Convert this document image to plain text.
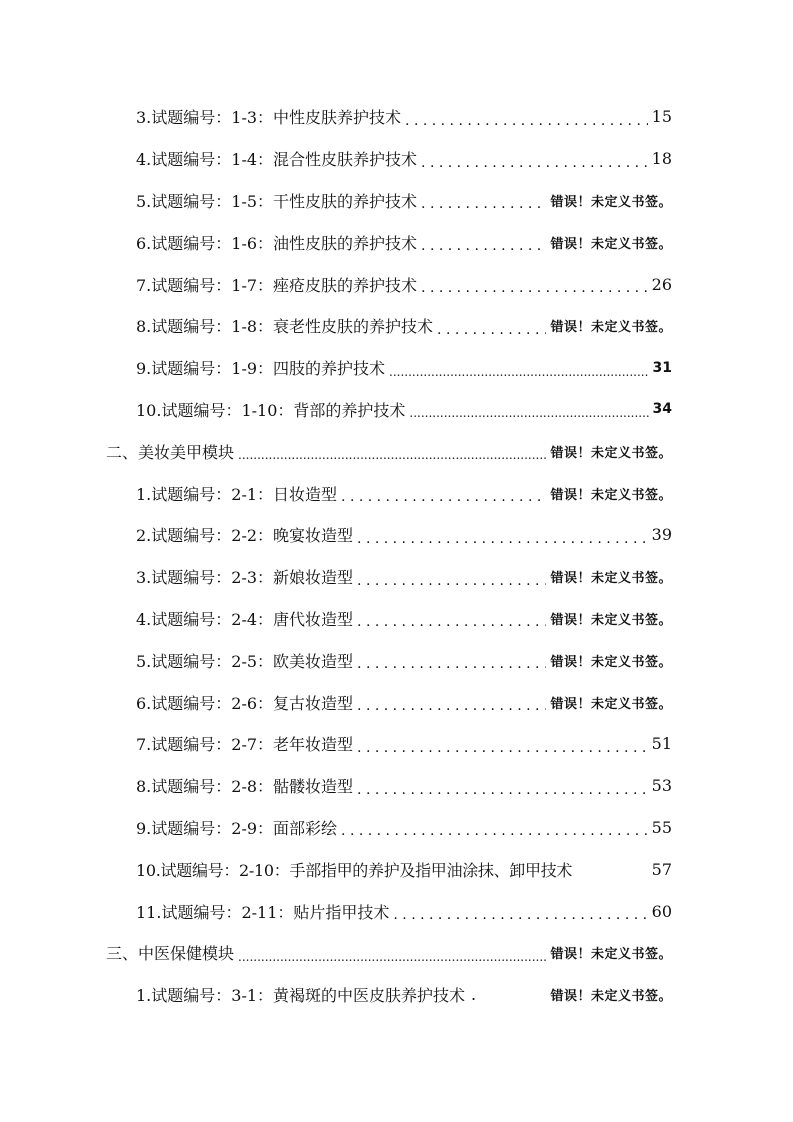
3.试题编号：1-3：中性皮肤养护技术 . . .	15
4.试题编号：1-4：混合性皮肤养护技术 . . .	18
5.试题编号：1-5：干性皮肤的养护技术 . . .	错误！未定义书签。
6.试题编号：1-6：油性皮肤的养护技术 . . .	错误！未定义书签。
7.试题编号：1-7：痤疮皮肤的养护技术 . . .	26
8.试题编号：1-8：衰老性皮肤的养护技术 . . .	错误！未定义书签。
9.试题编号：1-9：四肢的养护技术 .....	31
10.试题编号：1-10：背部的养护技术 .....	34
二、美妆美甲模块 .....	错误！未定义书签。
1.试题编号：2-1：日妆造型 . . .	错误！未定义书签。
2.试题编号：2-2：晚宴妆造型 . . .	39
3.试题编号：2-3：新娘妆造型 . . .	错误！未定义书签。
4.试题编号：2-4：唐代妆造型 . . .	错误！未定义书签。
5.试题编号：2-5：欧美妆造型 . . .	错误！未定义书签。
6.试题编号：2-6：复古妆造型 . . .	错误！未定义书签。
7.试题编号：2-7：老年妆造型 . . .	51
8.试题编号：2-8：骷髅妆造型 . . .	53
9.试题编号：2-9：面部彩绘 . . .	55
10.试题编号：2-10：手部指甲的养护及指甲油涂抹、卸甲技术	57
11.试题编号：2-11：贴片指甲技术 . . .	60
三、中医保健模块 .....	错误！未定义书签。
1.试题编号：3-1：黄褐斑的中医皮肤养护技术 .	错误！未定义书签。
